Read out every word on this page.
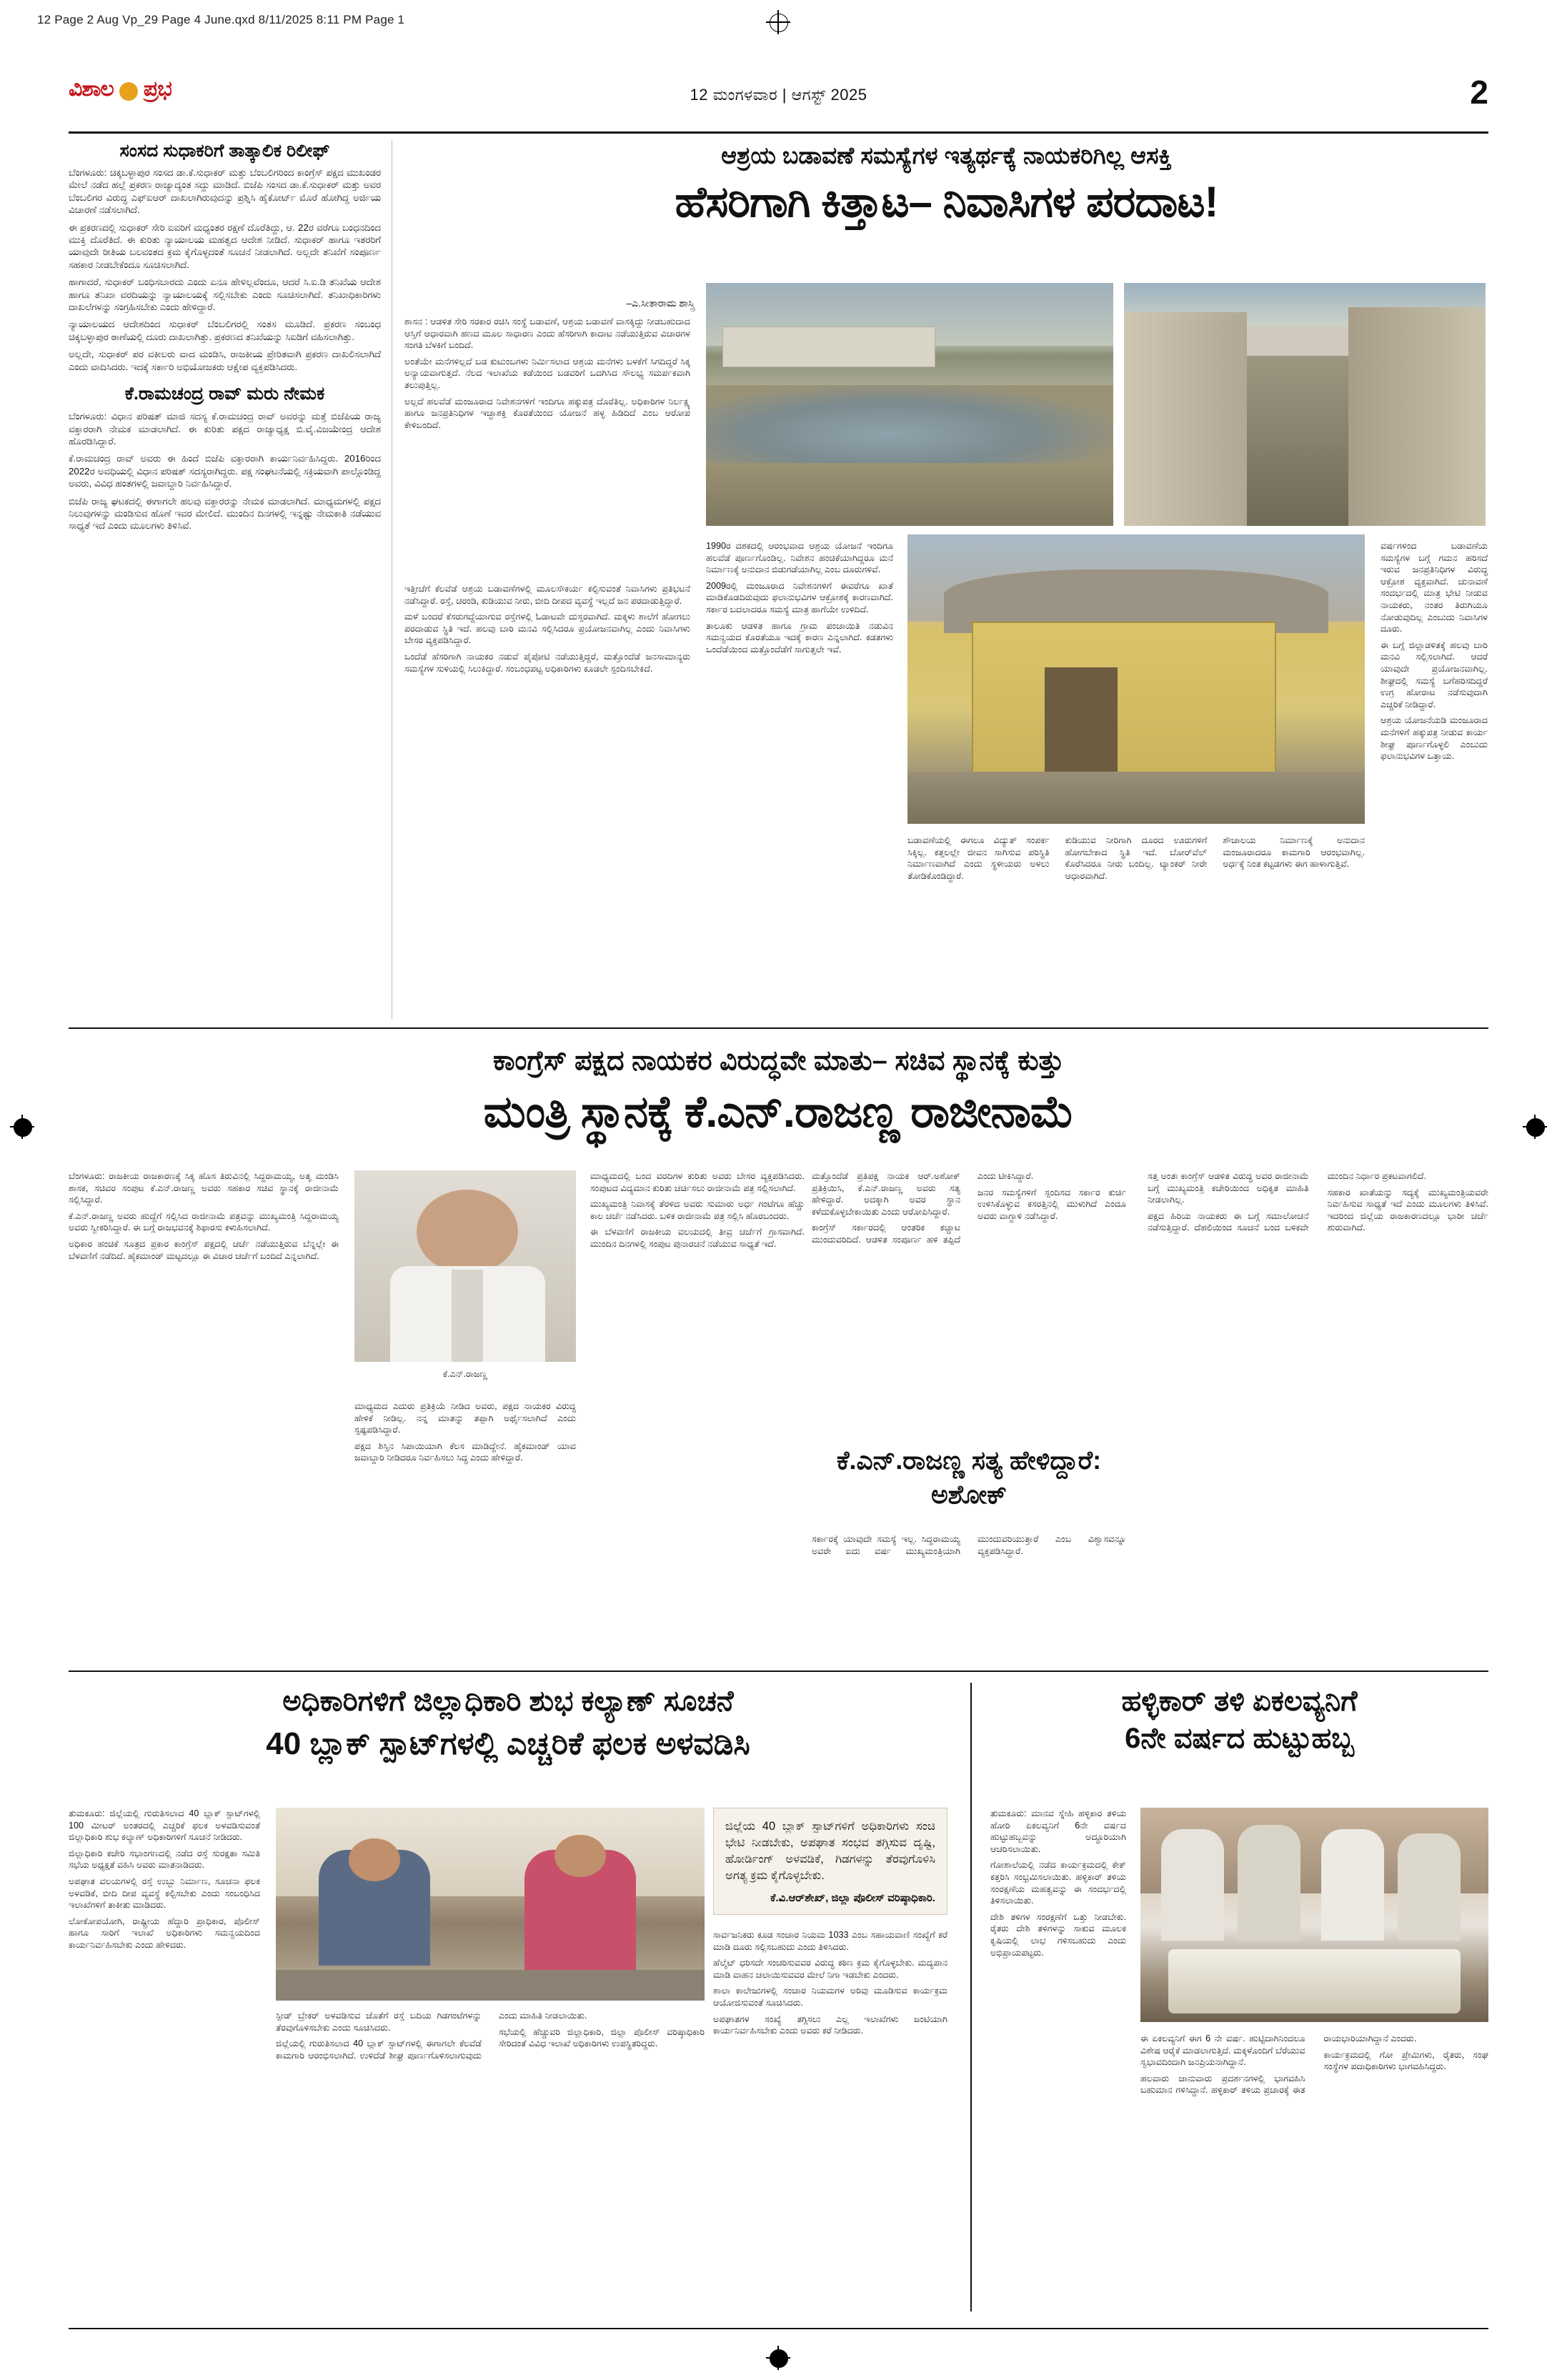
12 Page 2 Aug Vp_29 Page 4 June.qxd 8/11/2025 8:11 PM Page 1
ವಿಶಾಲ ಪ್ರಭ	12 ಮಂಗಳವಾರ | ಆಗಸ್ಟ್ 2025	2
ಸಂಸದ ಸುಧಾಕರಿಗೆ ತಾತ್ಕಾಲಿಕ ರಿಲೀಫ್

ಬೆಂಗಳೂರು: ಚಿಕ್ಕಬಳ್ಳಾಪುರ ಸಂಸದ ಡಾ.ಕೆ.ಸುಧಾಕರ್ ಮತ್ತು ಬೆಂಬಲಿಗರಿಂದ ಕಾಂಗ್ರೆಸ್ ಪಕ್ಷದ ಮುಖಂಡರ ಮೇಲೆ ನಡೆದ ಹಲ್ಲೆ ಪ್ರಕರಣ ರಾಜ್ಯಾದ್ಯಂತ ಸದ್ದು ಮಾಡಿದೆ. ಬಿಜೆಪಿ ಸಂಸದ ಡಾ.ಕೆ.ಸುಧಾಕರ್ ಮತ್ತು ಅವರ ಬೆಂಬಲಿಗರ ವಿರುದ್ಧ ಎಫ್ಐಆರ್ ದಾಖಲಾಗಿರುವುದನ್ನು ಪ್ರಶ್ನಿಸಿ ಹೈಕೋರ್ಟ್ ಮೊರೆ ಹೋಗಿದ್ದ ಅರ್ಜಿಯ ವಿಚಾರಣೆ ನಡೆಸಲಾಗಿದೆ.

ಈ ಪ್ರಕರಣದಲ್ಲಿ ಸುಧಾಕರ್ ಸೇರಿ ಐವರಿಗೆ ಮಧ್ಯಂತರ ರಕ್ಷಣೆ ದೊರೆತಿದ್ದು, ಆ. 22ರ ವರೆಗೂ ಬಂಧನದಿಂದ ಮುಕ್ತಿ ದೊರೆತಿದೆ. ಈ ಕುರಿತು ನ್ಯಾಯಾಲಯ ಮಹತ್ವದ ಆದೇಶ ನೀಡಿದೆ. ಸುಧಾಕರ್ ಹಾಗೂ ಇತರರಿಗೆ ಯಾವುದೇ ರೀತಿಯ ಬಲವಂತದ ಕ್ರಮ ಕೈಗೊಳ್ಳದಂತೆ ಸೂಚನೆ ನೀಡಲಾಗಿದೆ. ಅಲ್ಲದೇ ತನಿಖೆಗೆ ಸಂಪೂರ್ಣ ಸಹಕಾರ ನೀಡಬೇಕೆಂದೂ ಸೂಚಿಸಲಾಗಿದೆ.

ಹಾಗಾದರೆ, ಸುಧಾಕರ್ ಬಂಧಿಸಬಾರದು ಎಂದು ಏನೂ ಹೇಳಿಲ್ಲವೆಂದೂ, ಆದರೆ ಸಿ.ಐ.ಡಿ ತನಿಖೆಯ ಆದೇಶ ಹಾಗೂ ತನಿಖಾ ವರದಿಯನ್ನು ನ್ಯಾಯಾಲಯಕ್ಕೆ ಸಲ್ಲಿಸಬೇಕು ಎಂದು ಸೂಚಿಸಲಾಗಿದೆ. ತನಿಖಾಧಿಕಾರಿಗಳು ದಾಖಲೆಗಳನ್ನು ಸಂಗ್ರಹಿಸಬೇಕು ಎಂದು ಹೇಳಿದ್ದಾರೆ.

ನ್ಯಾಯಾಲಯದ ಆದೇಶದಿಂದ ಸುಧಾಕರ್ ಬೆಂಬಲಿಗರಲ್ಲಿ ಸಂತಸ ಮೂಡಿದೆ. ಪ್ರಕರಣ ಸಂಬಂಧ ಚಿಕ್ಕಬಳ್ಳಾಪುರ ಠಾಣೆಯಲ್ಲಿ ದೂರು ದಾಖಲಾಗಿತ್ತು. ಪ್ರಕರಣದ ತನಿಖೆಯನ್ನು ಸಿಐಡಿಗೆ ವಹಿಸಲಾಗಿತ್ತು.

ಅಲ್ಲದೇ, ಸುಧಾಕರ್ ಪರ ವಕೀಲರು ವಾದ ಮಂಡಿಸಿ, ರಾಜಕೀಯ ಪ್ರೇರಿತವಾಗಿ ಪ್ರಕರಣ ದಾಖಲಿಸಲಾಗಿದೆ ಎಂದು ವಾದಿಸಿದರು. ಇದಕ್ಕೆ ಸರ್ಕಾರಿ ಅಭಿಯೋಜಕರು ಆಕ್ಷೇಪ ವ್ಯಕ್ತಪಡಿಸಿದರು.

ಕೆ.ರಾಮಚಂದ್ರ ರಾವ್ ಮರು ನೇಮಕ

ಬೆಂಗಳೂರು: ವಿಧಾನ ಪರಿಷತ್ ಮಾಜಿ ಸದಸ್ಯ ಕೆ.ರಾಮಚಂದ್ರ ರಾವ್ ಅವರನ್ನು ಮತ್ತೆ ಬಿಜೆಪಿಯ ರಾಜ್ಯ ವಕ್ತಾರರಾಗಿ ನೇಮಕ ಮಾಡಲಾಗಿದೆ. ಈ ಕುರಿತು ಪಕ್ಷದ ರಾಜ್ಯಾಧ್ಯಕ್ಷ ಬಿ.ವೈ.ವಿಜಯೇಂದ್ರ ಆದೇಶ ಹೊರಡಿಸಿದ್ದಾರೆ.

ಕೆ.ರಾಮಚಂದ್ರ ರಾವ್ ಅವರು ಈ ಹಿಂದೆ ಬಿಜೆಪಿ ವಕ್ತಾರರಾಗಿ ಕಾರ್ಯನಿರ್ವಹಿಸಿದ್ದರು. 2016ರಿಂದ 2022ರ ಅವಧಿಯಲ್ಲಿ ವಿಧಾನ ಪರಿಷತ್ ಸದಸ್ಯರಾಗಿದ್ದರು. ಪಕ್ಷ ಸಂಘಟನೆಯಲ್ಲಿ ಸಕ್ರಿಯವಾಗಿ ಪಾಲ್ಗೊಂಡಿದ್ದ ಅವರು, ವಿವಿಧ ಹಂತಗಳಲ್ಲಿ ಜವಾಬ್ದಾರಿ ನಿರ್ವಹಿಸಿದ್ದಾರೆ.

ಬಿಜೆಪಿ ರಾಜ್ಯ ಘಟಕದಲ್ಲಿ ಈಗಾಗಲೇ ಹಲವು ವಕ್ತಾರರನ್ನು ನೇಮಕ ಮಾಡಲಾಗಿದೆ. ಮಾಧ್ಯಮಗಳಲ್ಲಿ ಪಕ್ಷದ ನಿಲುವುಗಳನ್ನು ಮಂಡಿಸುವ ಹೊಣೆ ಇವರ ಮೇಲಿದೆ. ಮುಂದಿನ ದಿನಗಳಲ್ಲಿ ಇನ್ನಷ್ಟು ನೇಮಕಾತಿ ನಡೆಯುವ ಸಾಧ್ಯತೆ ಇದೆ ಎಂದು ಮೂಲಗಳು ತಿಳಿಸಿವೆ.

ಆಶ್ರಯ ಬಡಾವಣೆ ಸಮಸ್ಯೆಗಳ ಇತ್ಯರ್ಥಕ್ಕೆ ನಾಯಕರಿಗಿಲ್ಲ ಆಸಕ್ತಿ
ಹೆಸರಿಗಾಗಿ ಕಿತ್ತಾಟ– ನಿವಾಸಿಗಳ ಪರದಾಟ!
–ಎ.ಸೀತಾರಾಮ ಶಾಸ್ತ್ರಿ

ಶಾಸನ : ಆಡಳಿತ ಸೇರಿ ಸರಕಾರ ರಚಿಸಿ ಸಂಸ್ಥೆ ಬಡಾವಣೆ, ಆಶ್ರಯ ಬಡಾವಣೆ ವಾಸಕ್ಕಿದ್ದು ನೀಡಬಹುದಾದ ಆಸ್ತಿಗೆ ಆಧಾರವಾಗಿ ಹಣದ ಮೂಲ ಸಾಧಾರಣ ಎಂದು ಹೆಸರಿಗಾಗಿ ಕಾದಾಟ ನಡೆಯುತ್ತಿರುವ ವಿಚಾರಗಳ ಸಂಗತಿ ಬೆಳಕಿಗೆ ಬಂದಿದೆ.

ಅಂತೆಯೇ ಮನೆಗಳಿಲ್ಲದೆ ಬಡ ಕುಟುಂಬಗಳು ನಿರ್ಮಿಸಲಾದ ಆಶ್ರಯ ಮನೆಗಳು ಬಳಕೆಗೆ ಸಿಗದಿದ್ದರೆ ಸಿಕ್ಕ ಅನ್ಯಾಯವಾಗುತ್ತದೆ. ನೆಲದ ಇಲಾಖೆಯ ಕಡೆಯಿಂದ ಬಡವರಿಗೆ ಒದಗಿಸಿದ ಸೌಲಭ್ಯ ಸಮರ್ಪಕವಾಗಿ ತಲುಪುತ್ತಿಲ್ಲ.

ಅಲ್ಲದೆ ಹಲವೆಡೆ ಮಂಜೂರಾದ ನಿವೇಶನಗಳಿಗೆ ಇಂದಿಗೂ ಹಕ್ಕುಪತ್ರ ದೊರೆತಿಲ್ಲ. ಅಧಿಕಾರಿಗಳ ನಿರ್ಲಕ್ಷ್ಯ ಹಾಗೂ ಜನಪ್ರತಿನಿಧಿಗಳ ಇಚ್ಛಾಶಕ್ತಿ ಕೊರತೆಯಿಂದ ಯೋಜನೆ ಹಳ್ಳ ಹಿಡಿದಿದೆ ಎಂಬ ಆರೋಪ ಕೇಳಿಬಂದಿದೆ.

ಇತ್ತೀಚೆಗೆ ಕೆಲವೆಡೆ ಆಶ್ರಯ ಬಡಾವಣೆಗಳಲ್ಲಿ ಮೂಲಸೌಕರ್ಯ ಕಲ್ಪಿಸುವಂತೆ ನಿವಾಸಿಗಳು ಪ್ರತಿಭಟನೆ ನಡೆಸಿದ್ದಾರೆ. ರಸ್ತೆ, ಚರಂಡಿ, ಕುಡಿಯುವ ನೀರು, ಬೀದಿ ದೀಪದ ವ್ಯವಸ್ಥೆ ಇಲ್ಲದೆ ಜನ ಪರದಾಡುತ್ತಿದ್ದಾರೆ.

ಮಳೆ ಬಂದರೆ ಕೆಸರುಗದ್ದೆಯಾಗುವ ರಸ್ತೆಗಳಲ್ಲಿ ಓಡಾಟವೇ ದುಸ್ತರವಾಗಿದೆ. ಮಕ್ಕಳು ಶಾಲೆಗೆ ಹೋಗಲು ಪರದಾಡುವ ಸ್ಥಿತಿ ಇದೆ. ಹಲವು ಬಾರಿ ಮನವಿ ಸಲ್ಲಿಸಿದರೂ ಪ್ರಯೋಜನವಾಗಿಲ್ಲ ಎಂದು ನಿವಾಸಿಗಳು ಬೇಸರ ವ್ಯಕ್ತಪಡಿಸಿದ್ದಾರೆ.

ಒಂದೆಡೆ ಹೆಸರಿಗಾಗಿ ನಾಯಕರ ನಡುವೆ ಪೈಪೋಟಿ ನಡೆಯುತ್ತಿದ್ದರೆ, ಮತ್ತೊಂದೆಡೆ ಜನಸಾಮಾನ್ಯರು ಸಮಸ್ಯೆಗಳ ಸುಳಿಯಲ್ಲಿ ಸಿಲುಕಿದ್ದಾರೆ. ಸಂಬಂಧಪಟ್ಟ ಅಧಿಕಾರಿಗಳು ಕೂಡಲೇ ಸ್ಪಂದಿಸಬೇಕಿದೆ.

1990ರ ದಶಕದಲ್ಲಿ ಆರಂಭವಾದ ಆಶ್ರಯ ಯೋಜನೆ ಇಂದಿಗೂ ಹಲವೆಡೆ ಪೂರ್ಣಗೊಂಡಿಲ್ಲ. ನಿವೇಶನ ಹಂಚಿಕೆಯಾಗಿದ್ದರೂ ಮನೆ ನಿರ್ಮಾಣಕ್ಕೆ ಅನುದಾನ ಬಿಡುಗಡೆಯಾಗಿಲ್ಲ ಎಂಬ ದೂರುಗಳಿವೆ.

2009ರಲ್ಲಿ ಮಂಜೂರಾದ ನಿವೇಶನಗಳಿಗೆ ಈವರೆಗೂ ಖಾತೆ ಮಾಡಿಕೊಡದಿರುವುದು ಫಲಾನುಭವಿಗಳ ಆಕ್ರೋಶಕ್ಕೆ ಕಾರಣವಾಗಿದೆ. ಸರ್ಕಾರ ಬದಲಾದರೂ ಸಮಸ್ಯೆ ಮಾತ್ರ ಹಾಗೆಯೇ ಉಳಿದಿದೆ.

ತಾಲೂಕು ಆಡಳಿತ ಹಾಗೂ ಗ್ರಾಮ ಪಂಚಾಯಿತಿ ನಡುವಿನ ಸಮನ್ವಯದ ಕೊರತೆಯೂ ಇದಕ್ಕೆ ಕಾರಣ ಎನ್ನಲಾಗಿದೆ. ಕಡತಗಳು ಒಂದೆಡೆಯಿಂದ ಮತ್ತೊಂದೆಡೆಗೆ ಸಾಗುತ್ತಲೇ ಇವೆ.

ಬಡಾವಣೆಯಲ್ಲಿ ಈಗಲೂ ವಿದ್ಯುತ್ ಸಂಪರ್ಕ ಸಿಕ್ಕಿಲ್ಲ. ಕತ್ತಲಲ್ಲೇ ಜೀವನ ಸಾಗಿಸುವ ಪರಿಸ್ಥಿತಿ ನಿರ್ಮಾಣವಾಗಿದೆ ಎಂದು ಸ್ಥಳೀಯರು ಅಳಲು ತೋಡಿಕೊಂಡಿದ್ದಾರೆ.

ಕುಡಿಯುವ ನೀರಿಗಾಗಿ ದೂರದ ಊರುಗಳಿಗೆ ಹೋಗಬೇಕಾದ ಸ್ಥಿತಿ ಇದೆ. ಬೋರ್‌ವೆಲ್ ಕೊರೆಸಿದರೂ ನೀರು ಬಂದಿಲ್ಲ. ಟ್ಯಾಂಕರ್ ನೀರೇ ಆಧಾರವಾಗಿದೆ.

ಶೌಚಾಲಯ ನಿರ್ಮಾಣಕ್ಕೆ ಅನುದಾನ ಮಂಜೂರಾದರೂ ಕಾಮಗಾರಿ ಆರಂಭವಾಗಿಲ್ಲ. ಅರ್ಧಕ್ಕೆ ನಿಂತ ಕಟ್ಟಡಗಳು ಈಗ ಹಾಳಾಗುತ್ತಿವೆ.

ವರ್ಷಗಳಿಂದ ಬಡಾವಣೆಯ ಸಮಸ್ಯೆಗಳ ಬಗ್ಗೆ ಗಮನ ಹರಿಸದೆ ಇರುವ ಜನಪ್ರತಿನಿಧಿಗಳ ವಿರುದ್ಧ ಆಕ್ರೋಶ ವ್ಯಕ್ತವಾಗಿದೆ. ಚುನಾವಣೆ ಸಂದರ್ಭದಲ್ಲಿ ಮಾತ್ರ ಭೇಟಿ ನೀಡುವ ನಾಯಕರು, ನಂತರ ತಿರುಗಿಯೂ ನೋಡುವುದಿಲ್ಲ ಎಂಬುದು ನಿವಾಸಿಗಳ ದೂರು.

ಈ ಬಗ್ಗೆ ಜಿಲ್ಲಾಡಳಿತಕ್ಕೆ ಹಲವು ಬಾರಿ ಮನವಿ ಸಲ್ಲಿಸಲಾಗಿದೆ. ಆದರೆ ಯಾವುದೇ ಪ್ರಯೋಜನವಾಗಿಲ್ಲ. ಶೀಘ್ರದಲ್ಲಿ ಸಮಸ್ಯೆ ಬಗೆಹರಿಸದಿದ್ದರೆ ಉಗ್ರ ಹೋರಾಟ ನಡೆಸುವುದಾಗಿ ಎಚ್ಚರಿಕೆ ನೀಡಿದ್ದಾರೆ.

ಆಶ್ರಯ ಯೋಜನೆಯಡಿ ಮಂಜೂರಾದ ಮನೆಗಳಿಗೆ ಹಕ್ಕುಪತ್ರ ನೀಡುವ ಕಾರ್ಯ ಶೀಘ್ರ ಪೂರ್ಣಗೊಳ್ಳಲಿ ಎಂಬುದು ಫಲಾನುಭವಿಗಳ ಒತ್ತಾಯ.

ಕಾಂಗ್ರೆಸ್ ಪಕ್ಷದ ನಾಯಕರ ವಿರುದ್ಧವೇ ಮಾತು– ಸಚಿವ ಸ್ಥಾನಕ್ಕೆ ಕುತ್ತು
ಮಂತ್ರಿ ಸ್ಥಾನಕ್ಕೆ ಕೆ.ಎನ್.ರಾಜಣ್ಣ ರಾಜೀನಾಮೆ
ಕೆ.ಎನ್.ರಾಜಣ್ಣ

ಬೆಂಗಳೂರು: ರಾಜಕೀಯ ರಾಜಕಾರಣಕ್ಕೆ ಸಿಕ್ಕ ಹೊಸ ತಿರುವಿನಲ್ಲಿ ಸಿದ್ದರಾಮಯ್ಯ, ಅತೃ ಮಂಡಿಸಿ ಶಾಸಕ, ಸಚಿವರ ಸಂಪುಟ ಕೆ.ಎನ್.ರಾಜಣ್ಣ ಅವರು ಸಹಕಾರ ಸಚಿವ ಸ್ಥಾನಕ್ಕೆ ರಾಜೀನಾಮೆ ಸಲ್ಲಿಸಿದ್ದಾರೆ.

ಕೆ.ಎನ್.ರಾಜಣ್ಣ ಅವರು ಹುದ್ದೆಗೆ ಸಲ್ಲಿಸಿದ ರಾಜೀನಾಮೆ ಪತ್ರವನ್ನು ಮುಖ್ಯಮಂತ್ರಿ ಸಿದ್ದರಾಮಯ್ಯ ಅವರು ಸ್ವೀಕರಿಸಿದ್ದಾರೆ. ಈ ಬಗ್ಗೆ ರಾಜಭವನಕ್ಕೆ ಶಿಫಾರಸು ಕಳುಹಿಸಲಾಗಿದೆ.

ಅಧಿಕಾರ ಹಂಚಿಕೆ ಸೂತ್ರದ ಪ್ರಕಾರ ಕಾಂಗ್ರೆಸ್ ಪಕ್ಷದಲ್ಲಿ ಚರ್ಚೆ ನಡೆಯುತ್ತಿರುವ ಬೆನ್ನಲ್ಲೇ ಈ ಬೆಳವಣಿಗೆ ನಡೆದಿದೆ. ಹೈಕಮಾಂಡ್ ಮಟ್ಟದಲ್ಲೂ ಈ ವಿಚಾರ ಚರ್ಚೆಗೆ ಬಂದಿದೆ ಎನ್ನಲಾಗಿದೆ.

ಮಾಧ್ಯಮದ ಎದುರು ಪ್ರತಿಕ್ರಿಯೆ ನೀಡಿದ ಅವರು, ಪಕ್ಷದ ನಾಯಕರ ವಿರುದ್ಧ ಹೇಳಿಕೆ ನೀಡಿಲ್ಲ. ನನ್ನ ಮಾತನ್ನು ತಪ್ಪಾಗಿ ಅರ್ಥೈಸಲಾಗಿದೆ ಎಂದು ಸ್ಪಷ್ಟಪಡಿಸಿದ್ದಾರೆ.

ಪಕ್ಷದ ಶಿಸ್ತಿನ ಸಿಪಾಯಿಯಾಗಿ ಕೆಲಸ ಮಾಡಿದ್ದೇನೆ. ಹೈಕಮಾಂಡ್ ಯಾವ ಜವಾಬ್ದಾರಿ ನೀಡಿದರೂ ನಿರ್ವಹಿಸಲು ಸಿದ್ಧ ಎಂದು ಹೇಳಿದ್ದಾರೆ.

ಮಾಧ್ಯಮದಲ್ಲಿ ಬಂದ ವರದಿಗಳ ಕುರಿತು ಅವರು ಬೇಸರ ವ್ಯಕ್ತಪಡಿಸಿದರು. ಸಂಪುಟದ ವಿದ್ಯಮಾನ ಕುರಿತು ಚರ್ಚಿಸಲು ರಾಜೀನಾಮೆ ಪತ್ರ ಸಲ್ಲಿಸಲಾಗಿದೆ.

ಮುಖ್ಯಮಂತ್ರಿ ನಿವಾಸಕ್ಕೆ ತೆರಳಿದ ಅವರು ಸುಮಾರು ಅರ್ಧ ಗಂಟೆಗೂ ಹೆಚ್ಚು ಕಾಲ ಚರ್ಚೆ ನಡೆಸಿದರು. ಬಳಿಕ ರಾಜೀನಾಮೆ ಪತ್ರ ಸಲ್ಲಿಸಿ ಹೊರಬಂದರು.

ಈ ಬೆಳವಣಿಗೆ ರಾಜಕೀಯ ವಲಯದಲ್ಲಿ ತೀವ್ರ ಚರ್ಚೆಗೆ ಗ್ರಾಸವಾಗಿದೆ. ಮುಂದಿನ ದಿನಗಳಲ್ಲಿ ಸಂಪುಟ ಪುನಾರಚನೆ ನಡೆಯುವ ಸಾಧ್ಯತೆ ಇದೆ.

ಕೆ.ಎನ್.ರಾಜಣ್ಣ ಸತ್ಯ ಹೇಳಿದ್ದಾರೆ: ಅಶೋಕ್

ಮತ್ತೊಂದೆಡೆ ಪ್ರತಿಪಕ್ಷ ನಾಯಕ ಆರ್.ಅಶೋಕ್ ಪ್ರತಿಕ್ರಿಯಿಸಿ, ಕೆ.ಎನ್.ರಾಜಣ್ಣ ಅವರು ಸತ್ಯ ಹೇಳಿದ್ದಾರೆ. ಅದಕ್ಕಾಗಿ ಅವರ ಸ್ಥಾನ ಕಳೆದುಕೊಳ್ಳಬೇಕಾಯಿತು ಎಂದು ಆರೋಪಿಸಿದ್ದಾರೆ.

ಕಾಂಗ್ರೆಸ್ ಸರ್ಕಾರದಲ್ಲಿ ಆಂತರಿಕ ಕಚ್ಚಾಟ ಮುಂದುವರಿದಿದೆ. ಆಡಳಿತ ಸಂಪೂರ್ಣ ಹಳಿ ತಪ್ಪಿದೆ ಎಂದು ಟೀಕಿಸಿದ್ದಾರೆ.

ಜನರ ಸಮಸ್ಯೆಗಳಿಗೆ ಸ್ಪಂದಿಸದ ಸರ್ಕಾರ ಕುರ್ಚಿ ಉಳಿಸಿಕೊಳ್ಳುವ ಕಸರತ್ತಿನಲ್ಲಿ ಮುಳುಗಿದೆ ಎಂದೂ ಅವರು ವಾಗ್ದಾಳಿ ನಡೆಸಿದ್ದಾರೆ.

ಸರ್ಕಾರಕ್ಕೆ ಯಾವುದೇ ಸಮಸ್ಯೆ ಇಲ್ಲ. ಸಿದ್ದರಾಮಯ್ಯ ಅವರೇ ಐದು ವರ್ಷ ಮುಖ್ಯಮಂತ್ರಿಯಾಗಿ ಮುಂದುವರಿಯುತ್ತಾರೆ ಎಂಬ ವಿಶ್ವಾಸವನ್ನೂ ವ್ಯಕ್ತಪಡಿಸಿದ್ದಾರೆ.

ಸತ್ತ ಅಂತಃ ಕಾಂಗ್ರೆಸ್ ಆಡಳಿತ ವಿರುದ್ಧ ಅವರ ರಾಜೀನಾಮೆ ಬಗ್ಗೆ ಮುಖ್ಯಮಂತ್ರಿ ಕಚೇರಿಯಿಂದ ಅಧಿಕೃತ ಮಾಹಿತಿ ನೀಡಲಾಗಿಲ್ಲ.

ಪಕ್ಷದ ಹಿರಿಯ ನಾಯಕರು ಈ ಬಗ್ಗೆ ಸಮಾಲೋಚನೆ ನಡೆಸುತ್ತಿದ್ದಾರೆ. ದೆಹಲಿಯಿಂದ ಸೂಚನೆ ಬಂದ ಬಳಿಕವೇ ಮುಂದಿನ ನಿರ್ಧಾರ ಪ್ರಕಟವಾಗಲಿದೆ.

ಸಹಕಾರ ಖಾತೆಯನ್ನು ಸದ್ಯಕ್ಕೆ ಮುಖ್ಯಮಂತ್ರಿಯವರೇ ನಿರ್ವಹಿಸುವ ಸಾಧ್ಯತೆ ಇದೆ ಎಂದು ಮೂಲಗಳು ತಿಳಿಸಿವೆ. ಇದರಿಂದ ಜಿಲ್ಲೆಯ ರಾಜಕಾರಣದಲ್ಲೂ ಭಾರೀ ಚರ್ಚೆ ಶುರುವಾಗಿದೆ.

ಅಧಿಕಾರಿಗಳಿಗೆ ಜಿಲ್ಲಾಧಿಕಾರಿ ಶುಭ ಕಲ್ಯಾಣ್ ಸೂಚನೆ
40 ಬ್ಲಾಕ್ ಸ್ಪಾಟ್‌ಗಳಲ್ಲಿ ಎಚ್ಚರಿಕೆ ಫಲಕ ಅಳವಡಿಸಿ
ಜಿಲ್ಲೆಯ 40 ಬ್ಲಾಕ್ ಸ್ಪಾಟ್‌ಗಳಿಗೆ ಅಧಿಕಾರಿಗಳು ಸಂಚಿ ಭೇಟಿ ನೀಡಬೇಕು, ಅಪಘಾತ ಸಂಭವ ತಗ್ಗಿಸುವ ದೃಷ್ಟಿ, ಹೋರ್ಡಿಂಗ್ ಅಳವಡಿಕೆ, ಗಿಡಗಳನ್ನು ತೆರವುಗೊಳಿಸಿ ಅಗತ್ಯ ಕ್ರಮ ಕೈಗೊಳ್ಳಬೇಕು.
ಕೆ.ವಿ.ಆರ್‌ಶೇಖ್, ಜಿಲ್ಲಾ ಪೊಲೀಸ್ ವರಿಷ್ಠಾಧಿಕಾರಿ.

ತುಮಕೂರು: ಜಿಲ್ಲೆಯಲ್ಲಿ ಗುರುತಿಸಲಾದ 40 ಬ್ಲಾಕ್ ಸ್ಪಾಟ್‌ಗಳಲ್ಲಿ 100 ಮೀಟರ್ ಅಂತರದಲ್ಲಿ ಎಚ್ಚರಿಕೆ ಫಲಕ ಅಳವಡಿಸುವಂತೆ ಜಿಲ್ಲಾಧಿಕಾರಿ ಶುಭ ಕಲ್ಯಾಣ್ ಅಧಿಕಾರಿಗಳಿಗೆ ಸೂಚನೆ ನೀಡಿದರು.

ಜಿಲ್ಲಾಧಿಕಾರಿ ಕಚೇರಿ ಸಭಾಂಗಣದಲ್ಲಿ ನಡೆದ ರಸ್ತೆ ಸುರಕ್ಷತಾ ಸಮಿತಿ ಸಭೆಯ ಅಧ್ಯಕ್ಷತೆ ವಹಿಸಿ ಅವರು ಮಾತನಾಡಿದರು.

ಅಪಘಾತ ವಲಯಗಳಲ್ಲಿ ರಸ್ತೆ ಉಬ್ಬು ನಿರ್ಮಾಣ, ಸೂಚನಾ ಫಲಕ ಅಳವಡಿಕೆ, ಬೀದಿ ದೀಪ ವ್ಯವಸ್ಥೆ ಕಲ್ಪಿಸಬೇಕು ಎಂದು ಸಂಬಂಧಿಸಿದ ಇಲಾಖೆಗಳಿಗೆ ತಾಕೀತು ಮಾಡಿದರು.

ಲೋಕೋಪಯೋಗಿ, ರಾಷ್ಟ್ರೀಯ ಹೆದ್ದಾರಿ ಪ್ರಾಧಿಕಾರ, ಪೊಲೀಸ್ ಹಾಗೂ ಸಾರಿಗೆ ಇಲಾಖೆ ಅಧಿಕಾರಿಗಳು ಸಮನ್ವಯದಿಂದ ಕಾರ್ಯನಿರ್ವಹಿಸಬೇಕು ಎಂದು ಹೇಳಿದರು.

ಸ್ಪೀಡ್ ಬ್ರೇಕರ್ ಅಳವಡಿಸುವ ಜೊತೆಗೆ ರಸ್ತೆ ಬದಿಯ ಗಿಡಗಂಟೆಗಳನ್ನು ತೆರವುಗೊಳಿಸಬೇಕು ಎಂದು ಸೂಚಿಸಿದರು.

ಜಿಲ್ಲೆಯಲ್ಲಿ ಗುರುತಿಸಲಾದ 40 ಬ್ಲಾಕ್ ಸ್ಪಾಟ್‌ಗಳಲ್ಲಿ ಈಗಾಗಲೇ ಕೆಲವೆಡೆ ಕಾಮಗಾರಿ ಆರಂಭಿಸಲಾಗಿದೆ. ಉಳಿದೆಡೆ ಶೀಘ್ರ ಪೂರ್ಣಗೊಳಿಸಲಾಗುವುದು ಎಂದು ಮಾಹಿತಿ ನೀಡಲಾಯಿತು.

ಸಭೆಯಲ್ಲಿ ಹೆಚ್ಚುವರಿ ಜಿಲ್ಲಾಧಿಕಾರಿ, ಜಿಲ್ಲಾ ಪೊಲೀಸ್ ವರಿಷ್ಠಾಧಿಕಾರಿ ಸೇರಿದಂತೆ ವಿವಿಧ ಇಲಾಖೆ ಅಧಿಕಾರಿಗಳು ಉಪಸ್ಥಿತರಿದ್ದರು.

ಸಾರ್ವಜನಿಕರು ಕೂಡ ಸಂಚಾರ ನಿಯಮ 1033 ಎಂಬ ಸಹಾಯವಾಣಿ ಸಂಖ್ಯೆಗೆ ಕರೆ ಮಾಡಿ ದೂರು ಸಲ್ಲಿಸಬಹುದು ಎಂದು ತಿಳಿಸಿದರು.

ಹೆಲ್ಮೆಟ್ ಧರಿಸದೇ ಸಂಚರಿಸುವವರ ವಿರುದ್ಧ ಕಠಿಣ ಕ್ರಮ ಕೈಗೊಳ್ಳಬೇಕು. ಮದ್ಯಪಾನ ಮಾಡಿ ವಾಹನ ಚಲಾಯಿಸುವವರ ಮೇಲೆ ನಿಗಾ ಇಡಬೇಕು ಎಂದರು.

ಶಾಲಾ ಕಾಲೇಜುಗಳಲ್ಲಿ ಸಂಚಾರ ನಿಯಮಗಳ ಅರಿವು ಮೂಡಿಸುವ ಕಾರ್ಯಕ್ರಮ ಆಯೋಜಿಸುವಂತೆ ಸೂಚಿಸಿದರು.

ಅಪಘಾತಗಳ ಸಂಖ್ಯೆ ತಗ್ಗಿಸಲು ಎಲ್ಲ ಇಲಾಖೆಗಳು ಜಂಟಿಯಾಗಿ ಕಾರ್ಯನಿರ್ವಹಿಸಬೇಕು ಎಂದು ಅವರು ಕರೆ ನೀಡಿದರು.

ಹಳ್ಳಿಕಾರ್ ತಳಿ ಏಕಲವ್ಯನಿಗೆ
6ನೇ ವರ್ಷದ ಹುಟ್ಟುಹಬ್ಬ

ತುಮಕೂರು: ಮಾನವ ಸ್ನೇಹಿ ಹಳ್ಳಿಕಾರ ತಳಿಯ ಹೋರಿ ಏಕಲವ್ಯನಿಗೆ 6ನೇ ವರ್ಷದ ಹುಟ್ಟುಹಬ್ಬವನ್ನು ಅದ್ಧೂರಿಯಾಗಿ ಆಚರಿಸಲಾಯಿತು.

ಗೋಶಾಲೆಯಲ್ಲಿ ನಡೆದ ಕಾರ್ಯಕ್ರಮದಲ್ಲಿ ಕೇಕ್ ಕತ್ತರಿಸಿ ಸಂಭ್ರಮಿಸಲಾಯಿತು. ಹಳ್ಳಿಕಾರ್ ತಳಿಯ ಸಂರಕ್ಷಣೆಯ ಮಹತ್ವವನ್ನು ಈ ಸಂದರ್ಭದಲ್ಲಿ ತಿಳಿಸಲಾಯಿತು.

ದೇಶಿ ತಳಿಗಳ ಸಂರಕ್ಷಣೆಗೆ ಒತ್ತು ನೀಡಬೇಕು. ರೈತರು ದೇಶಿ ತಳಿಗಳನ್ನು ಸಾಕುವ ಮೂಲಕ ಕೃಷಿಯಲ್ಲಿ ಲಾಭ ಗಳಿಸಬಹುದು ಎಂದು ಅಭಿಪ್ರಾಯಪಟ್ಟರು.

ಈ ಏಕಲವ್ಯನಿಗೆ ಈಗ 6 ನೇ ವರ್ಷ. ಹುಟ್ಟಿದಾಗಿನಿಂದಲೂ ವಿಶೇಷ ಆರೈಕೆ ಮಾಡಲಾಗುತ್ತಿದೆ. ಮಕ್ಕಳೊಂದಿಗೆ ಬೆರೆಯುವ ಸ್ವಭಾವದಿಂದಾಗಿ ಜನಪ್ರಿಯನಾಗಿದ್ದಾನೆ.

ಹಲವಾರು ಜಾನುವಾರು ಪ್ರದರ್ಶನಗಳಲ್ಲಿ ಭಾಗವಹಿಸಿ ಬಹುಮಾನ ಗಳಿಸಿದ್ದಾನೆ. ಹಳ್ಳಿಕಾರ್ ತಳಿಯ ಪ್ರಚಾರಕ್ಕೆ ಈತ ರಾಯಭಾರಿಯಾಗಿದ್ದಾನೆ ಎಂದರು.

ಕಾರ್ಯಕ್ರಮದಲ್ಲಿ ಗೋ ಪ್ರೇಮಿಗಳು, ರೈತರು, ಸಂಘ ಸಂಸ್ಥೆಗಳ ಪದಾಧಿಕಾರಿಗಳು ಭಾಗವಹಿಸಿದ್ದರು.
